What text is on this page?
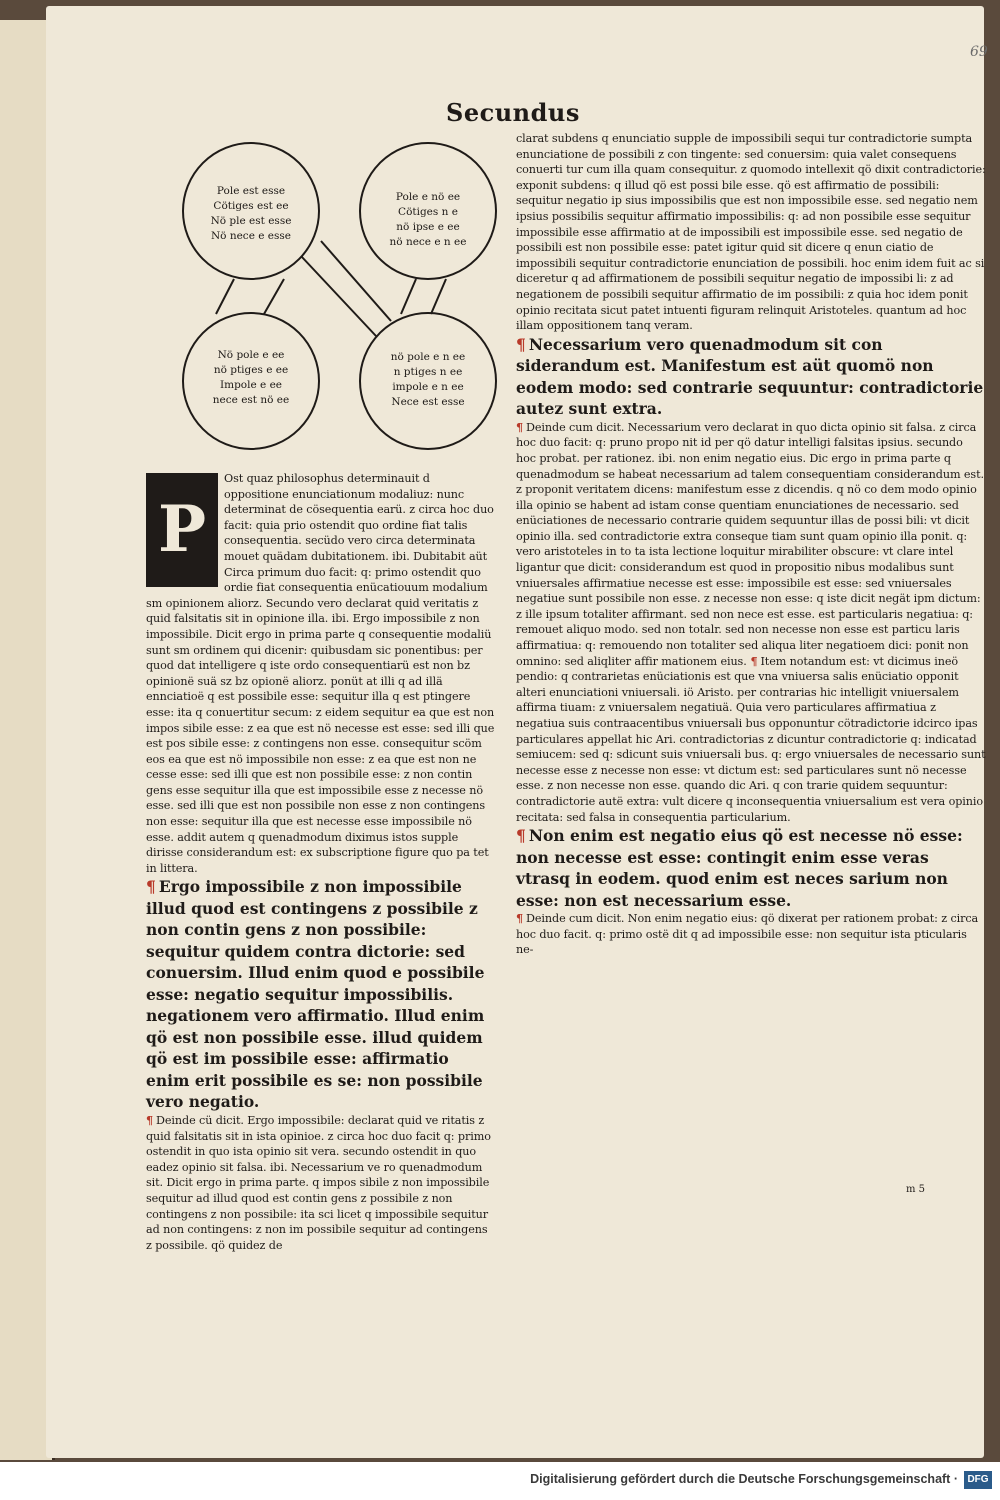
69
Secundus
Pole est esse
Cötiges est ee
Nö ple est esse
Nö nece e esse
Pole e nö ee
Cötiges n e
nö ipse e ee
nö nece e n ee
Nö pole e ee
nö ptiges e ee
Impole e ee
nece est nö ee
nö pole e n ee
n ptiges n ee
impole e n ee
Nece est esse
P

Ost quaz philosophus determinauit d oppositione enunciationum modaliuz: nunc determinat de cösequentia earü. z circa hoc duo facit: quia prio ostendit quo ordine fiat talis consequentia. secüdo vero circa determinata mouet quädam dubitationem. ibi. Dubitabit aüt Circa primum duo facit: q: primo ostendit quo ordie fiat consequentia enücatiouum modalium sm opinionem aliorz. Secundo vero declarat quid veritatis z quid falsitatis sit in opinione illa. ibi. Ergo impossibile z non impossibile. Dicit ergo in prima parte q consequentie modaliü sunt sm ordinem qui dicenir: quibusdam sic ponentibus: per quod dat intelligere q iste ordo consequentiarü est non bz opinionë suä sz bz opionë aliorz. ponüt at illi q ad illä ennciatioë q est possibile esse: sequitur illa q est ptingere esse: ita q conuertitur secum: z eidem sequitur ea que est non impos sibile esse: z ea que est nö necesse est esse: sed illi que est pos sibile esse: z contingens non esse. consequitur scöm eos ea que est nö impossibile non esse: z ea que est non ne cesse esse: sed illi que est non possibile esse: z non contin gens esse sequitur illa que est impossibile esse z necesse nö esse. sed illi que est non possibile non esse z non contingens non esse: sequitur illa que est necesse esse impossibile nö esse. addit autem q quenadmodum diximus istos supple dirisse considerandum est: ex subscriptione figure quo pa tet in littera.

¶ Ergo impossibile z non impossibile illud quod est contingens z possibile z non contin gens z non possibile: sequitur quidem contra dictorie: sed conuersim. Illud enim quod e possibile esse: negatio sequitur impossibilis. negationem vero affirmatio. Illud enim qö est non possibile esse. illud quidem qö est im possibile esse: affirmatio enim erit possibile es se: non possibile vero negatio.

¶ Deinde cü dicit. Ergo impossibile: declarat quid ve ritatis z quid falsitatis sit in ista opinioe. z circa hoc duo facit q: primo ostendit in quo ista opinio sit vera. secundo ostendit in quo eadez opinio sit falsa. ibi. Necessarium ve ro quenadmodum sit. Dicit ergo in prima parte. q impos sibile z non impossibile sequitur ad illud quod est contin gens z possibile z non contingens z non possibile: ita sci licet q impossibile sequitur ad non contingens: z non im possibile sequitur ad contingens z possibile. qö quidez de

clarat subdens q enunciatio supple de impossibili sequi tur contradictorie sumpta enunciatione de possibili z con tingente: sed conuersim: quia valet consequens conuerti tur cum illa quam consequitur. z quomodo intellexit qö dixit contradictorie: exponit subdens: q illud qö est possi bile esse. qö est affirmatio de possibili: sequitur negatio ip sius impossibilis que est non impossibile esse. sed negatio nem ipsius possibilis sequitur affirmatio impossibilis: q: ad non possibile esse sequitur impossibile esse affirmatio at de impossibili est impossibile esse. sed negatio de possibili est non possibile esse: patet igitur quid sit dicere q enun ciatio de impossibili sequitur contradictorie enunciation de possibili. hoc enim idem fuit ac si diceretur q ad affirmationem de possibili sequitur negatio de impossibi li: z ad negationem de possibili sequitur affirmatio de im possibili: z quia hoc idem ponit opinio recitata sicut patet intuenti figuram relinquit Aristoteles. quantum ad hoc illam oppositionem tanq veram.

¶ Necessarium vero quenadmodum sit con siderandum est. Manifestum est aüt quomö non eodem modo: sed contrarie sequuntur: contradictorie autez sunt extra.

¶ Deinde cum dicit. Necessarium vero declarat in quo dicta opinio sit falsa. z circa hoc duo facit: q: pruno propo nit id per qö datur intelligi falsitas ipsius. secundo hoc probat. per rationez. ibi. non enim negatio eius. Dic ergo in prima parte q quenadmodum se habeat necessarium ad talem consequentiam considerandum est. z proponit veritatem dicens: manifestum esse z dicendis. q nö co dem modo opinio illa opinio se habent ad istam conse quentiam enunciationes de necessario. sed enüciationes de necessario contrarie quidem sequuntur illas de possi bili: vt dicit opinio illa. sed contradictorie extra conseque tiam sunt quam opinio illa ponit. q: vero aristoteles in to ta ista lectione loquitur mirabiliter obscure: vt clare intel ligantur que dicit: considerandum est quod in propositio nibus modalibus sunt vniuersales affirmatiue necesse est esse: impossibile est esse: sed vniuersales negatiue sunt possibile non esse. z necesse non esse: q iste dicit negät ipm dictum: z ille ipsum totaliter affirmant. sed non nece est esse. est particularis negatiua: q: remouet aliquo modo. sed non totalr. sed non necesse non esse est particu laris affirmatiua: q: remouendo non totaliter sed aliqua liter negatioem dici: ponit non omnino: sed aliqliter affir mationem eius. ¶ Item notandum est: vt dicimus ineö pendio: q contrarietas enüciationis est que vna vniuersa salis enüciatio opponit alteri enunciationi vniuersali. iö Aristo. per contrarias hic intelligit vniuersalem affirma tiuam: z vniuersalem negatiuä. Quia vero particulares affirmatiua z negatiua suis contraacentibus vniuersali bus opponuntur cötradictorie idcirco ipas particulares appellat hic Ari. contradictorias z dicuntur contradictorie q: indicatad semiucem: sed q: sdicunt suis vniuersali bus. q: ergo vniuersales de necessario sunt necesse esse z necesse non esse: vt dictum est: sed particulares sunt nö necesse esse. z non necesse non esse. quando dic Ari. q con trarie quidem sequuntur: contradictorie autë extra: vult dicere q inconsequentia vniuersalium est vera opinio recitata: sed falsa in consequentia particularium.

¶ Non enim est negatio eius qö est necesse nö esse: non necesse est esse: contingit enim esse veras vtrasq in eodem. quod enim est neces sarium non esse: non est necessarium esse.

¶ Deinde cum dicit. Non enim negatio eius: qö dixerat per rationem probat: z circa hoc duo facit. q: primo ostë dit q ad impossibile esse: non sequitur ista pticularis ne-

m 5
Digitalisierung gefördert durch die Deutsche Forschungsgemeinschaft · DFG
